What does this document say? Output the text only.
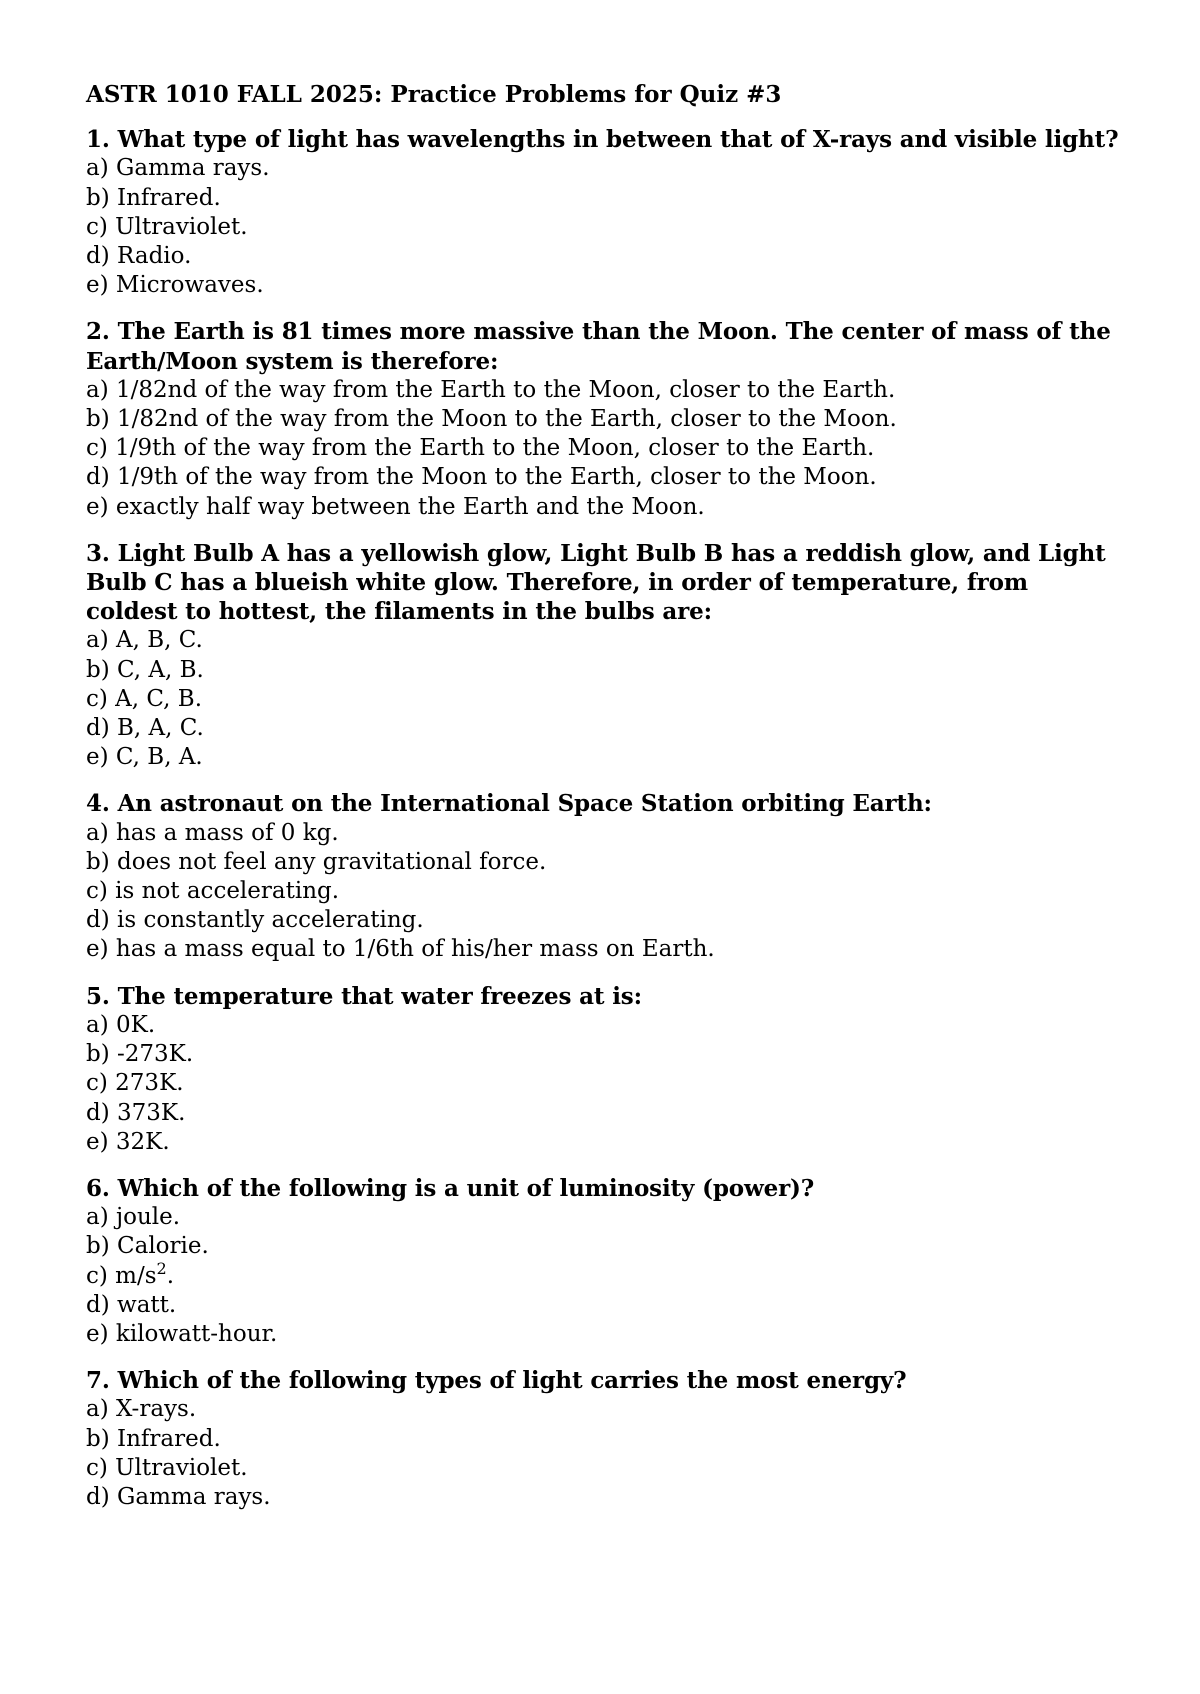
ASTR 1010 FALL 2025: Practice Problems for Quiz #3

1. What type of light has wavelengths in between that of X-rays and visible light?

a) Gamma rays.
b) Infrared.
c) Ultraviolet.
d) Radio.
e) Microwaves.

2. The Earth is 81 times more massive than the Moon. The center of mass of the Earth/Moon system is therefore:

a) 1/82nd of the way from the Earth to the Moon, closer to the Earth.
b) 1/82nd of the way from the Moon to the Earth, closer to the Moon.
c) 1/9th of the way from the Earth to the Moon, closer to the Earth.
d) 1/9th of the way from the Moon to the Earth, closer to the Moon.
e) exactly half way between the Earth and the Moon.

3. Light Bulb A has a yellowish glow, Light Bulb B has a reddish glow, and Light Bulb C has a blueish white glow. Therefore, in order of temperature, from coldest to hottest, the filaments in the bulbs are:

a) A, B, C.
b) C, A, B.
c) A, C, B.
d) B, A, C.
e) C, B, A.

4. An astronaut on the International Space Station orbiting Earth:

a) has a mass of 0 kg.
b) does not feel any gravitational force.
c) is not accelerating.
d) is constantly accelerating.
e) has a mass equal to 1/6th of his/her mass on Earth.

5. The temperature that water freezes at is:

a) 0K.
b) -273K.
c) 273K.
d) 373K.
e) 32K.

6. Which of the following is a unit of luminosity (power)?

a) joule.
b) Calorie.
c) $m/s^2$.
d) watt.
e) kilowatt-hour.

7. Which of the following types of light carries the most energy?

a) X-rays.
b) Infrared.
c) Ultraviolet.
d) Gamma rays.
